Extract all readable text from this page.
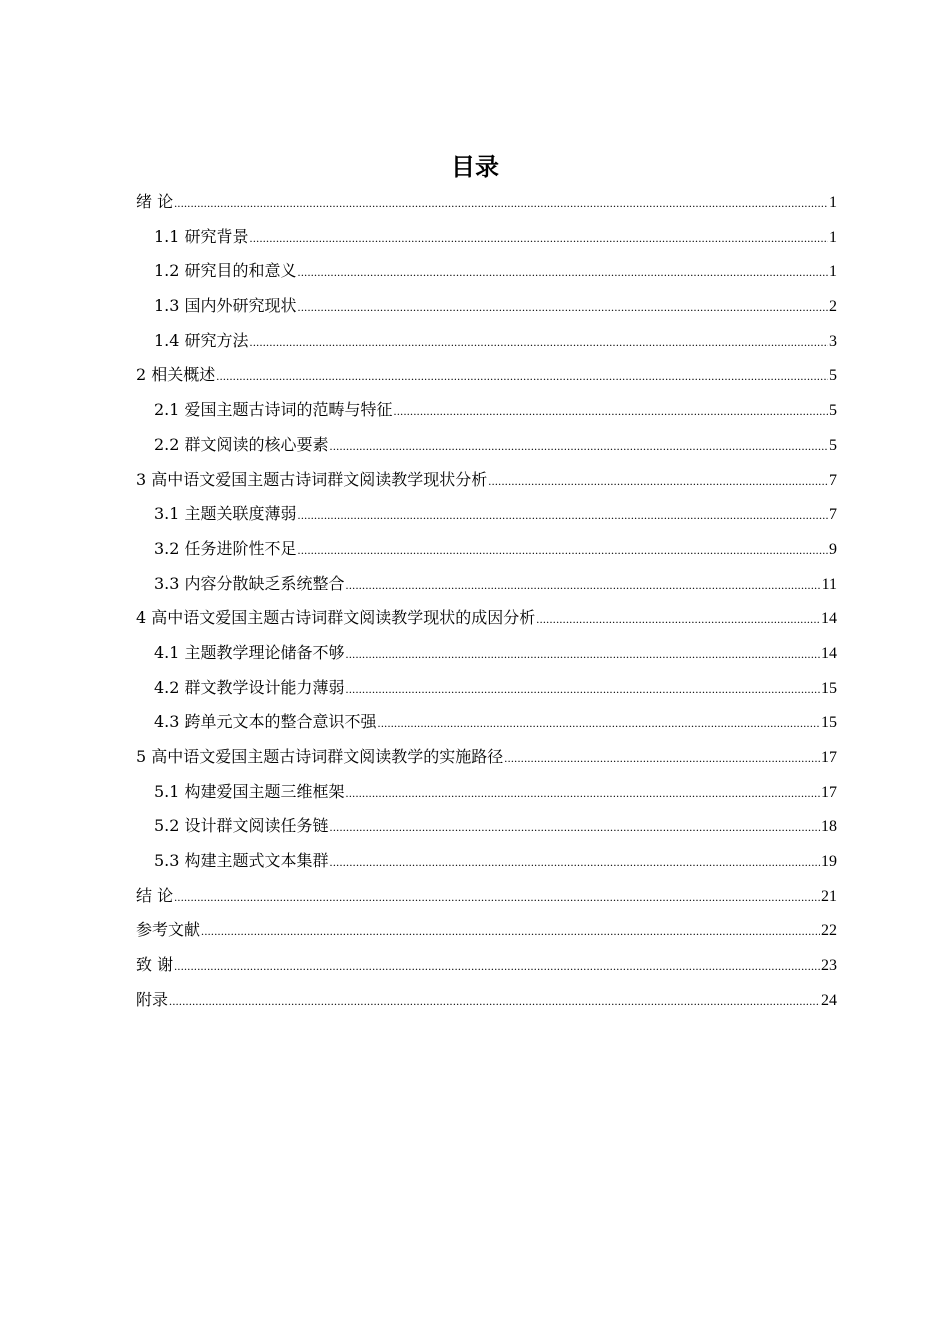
目录
绪 论 .....	1
1.1 研究背景 .....	1
1.2 研究目的和意义 .....	1
1.3 国内外研究现状 .....	2
1.4 研究方法 .....	3
2 相关概述 .....	5
2.1 爱国主题古诗词的范畴与特征 .....	5
2.2 群文阅读的核心要素 .....	5
3 高中语文爱国主题古诗词群文阅读教学现状分析 .....	7
3.1 主题关联度薄弱 .....	7
3.2 任务进阶性不足 .....	9
3.3 内容分散缺乏系统整合 .....	11
4 高中语文爱国主题古诗词群文阅读教学现状的成因分析 .....	14
4.1 主题教学理论储备不够 .....	14
4.2 群文教学设计能力薄弱 .....	15
4.3 跨单元文本的整合意识不强 .....	15
5 高中语文爱国主题古诗词群文阅读教学的实施路径 .....	17
5.1 构建爱国主题三维框架 .....	17
5.2 设计群文阅读任务链 .....	18
5.3 构建主题式文本集群 .....	19
结 论 .....	21
参考文献 .....	22
致 谢 .....	23
附录 .....	24
